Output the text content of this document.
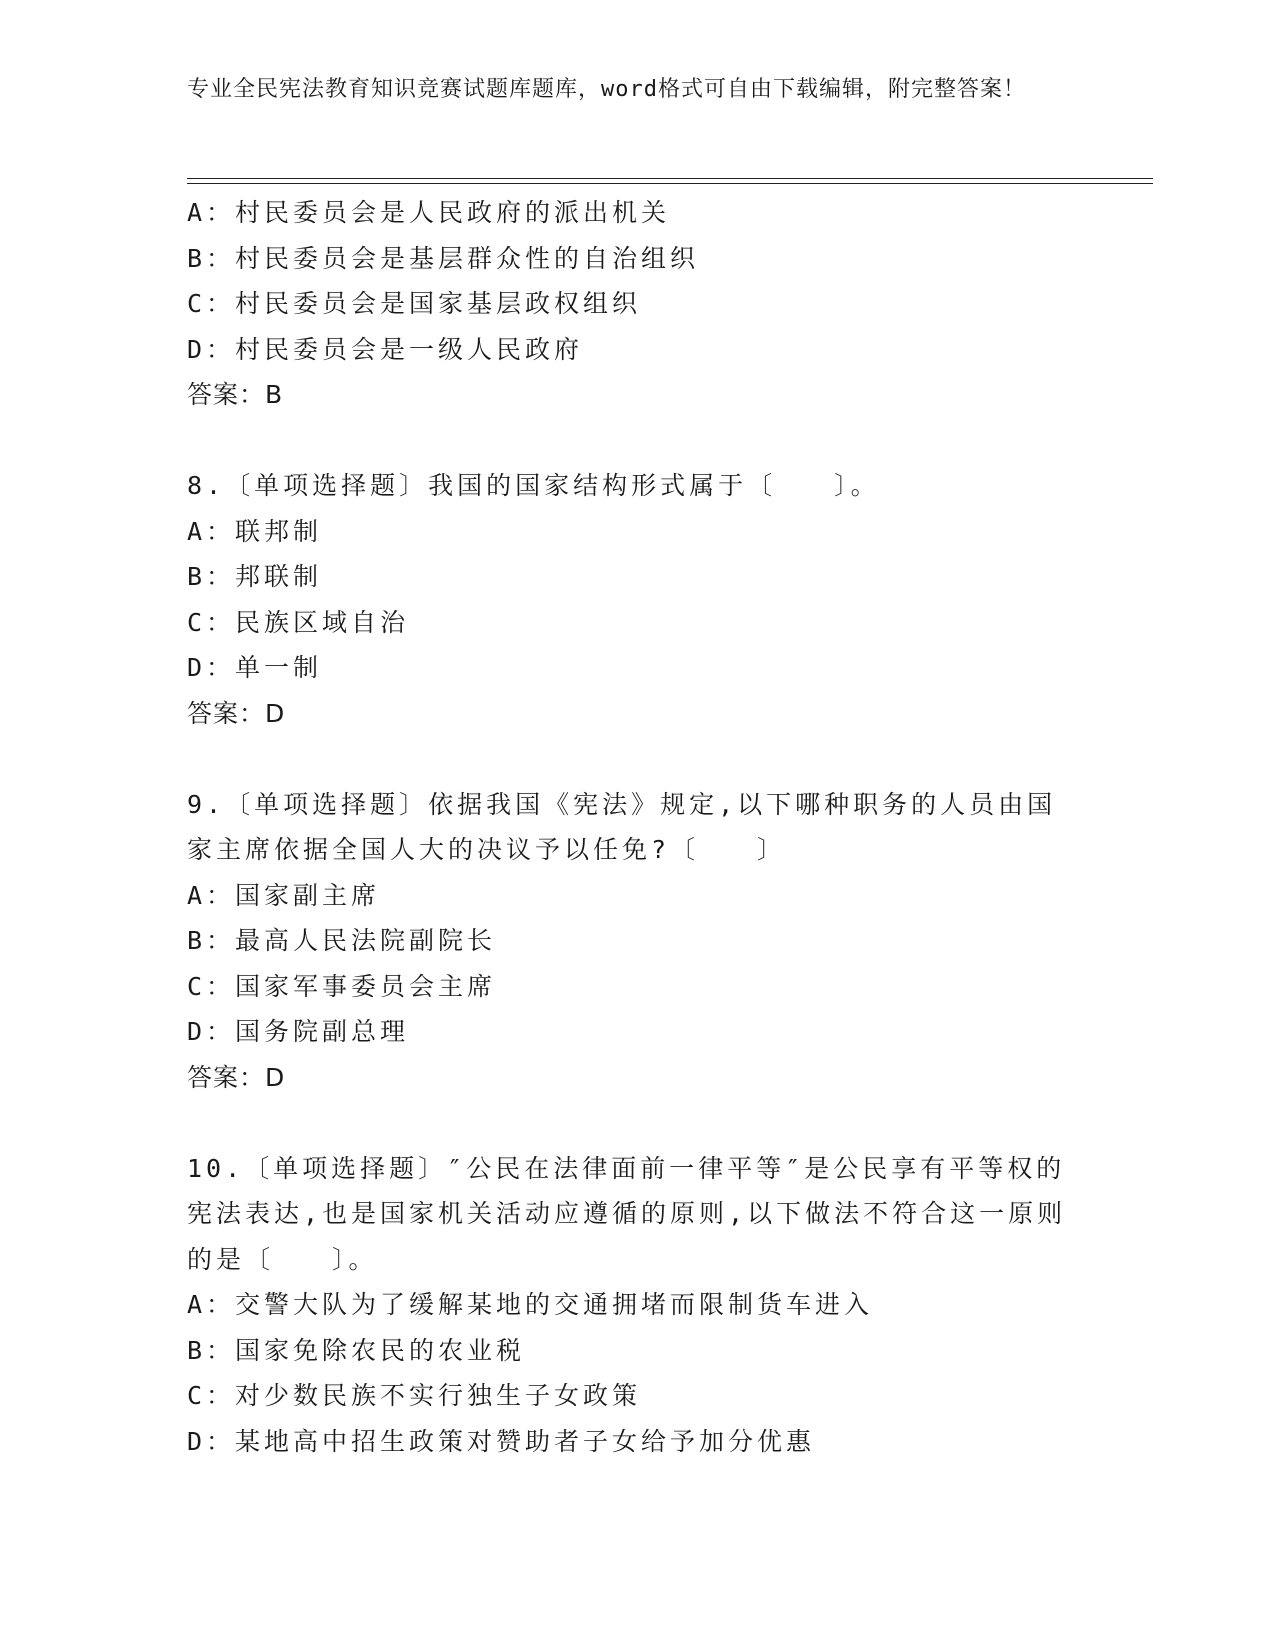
专业全民宪法教育知识竞赛试题库题库，word格式可自由下载编辑，附完整答案！
A：村民委员会是人民政府的派出机关
B：村民委员会是基层群众性的自治组织
C：村民委员会是国家基层政权组织
D：村民委员会是一级人民政府
答案：B
8.〔单项选择题〕我国的国家结构形式属于〔　　〕。
A：联邦制
B：邦联制
C：民族区域自治
D：单一制
答案：D
9.〔单项选择题〕依据我国《宪法》规定,以下哪种职务的人员由国家主席依据全国人大的决议予以任免?〔　　〕
A：国家副主席
B：最高人民法院副院长
C：国家军事委员会主席
D：国务院副总理
答案：D
10.〔单项选择题〕″公民在法律面前一律平等″是公民享有平等权的宪法表达,也是国家机关活动应遵循的原则,以下做法不符合这一原则的是〔　　〕。
A：交警大队为了缓解某地的交通拥堵而限制货车进入
B：国家免除农民的农业税
C：对少数民族不实行独生子女政策
D：某地高中招生政策对赞助者子女给予加分优惠
